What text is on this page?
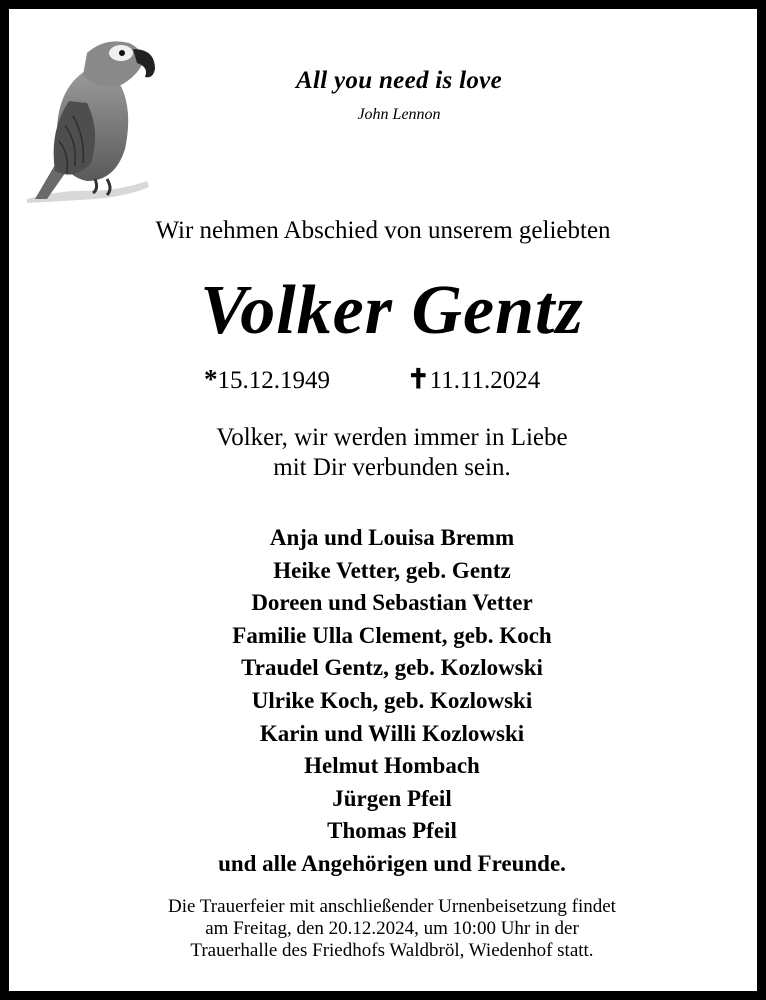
All you need is love
John Lennon
Wir nehmen Abschied von unserem geliebten
Volker Gentz
*15.12.1949	✝11.11.2024
Volker, wir werden immer in Liebe
mit Dir verbunden sein.
Anja und Louisa Bremm
Heike Vetter, geb. Gentz
Doreen und Sebastian Vetter
Familie Ulla Clement, geb. Koch
Traudel Gentz, geb. Kozlowski
Ulrike Koch, geb. Kozlowski
Karin und Willi Kozlowski
Helmut Hombach
Jürgen Pfeil
Thomas Pfeil
und alle Angehörigen und Freunde.
Die Trauerfeier mit anschließender Urnenbeisetzung findet
am Freitag, den 20.12.2024, um 10:00 Uhr in der
Trauerhalle des Friedhofs Waldbröl, Wiedenhof statt.
